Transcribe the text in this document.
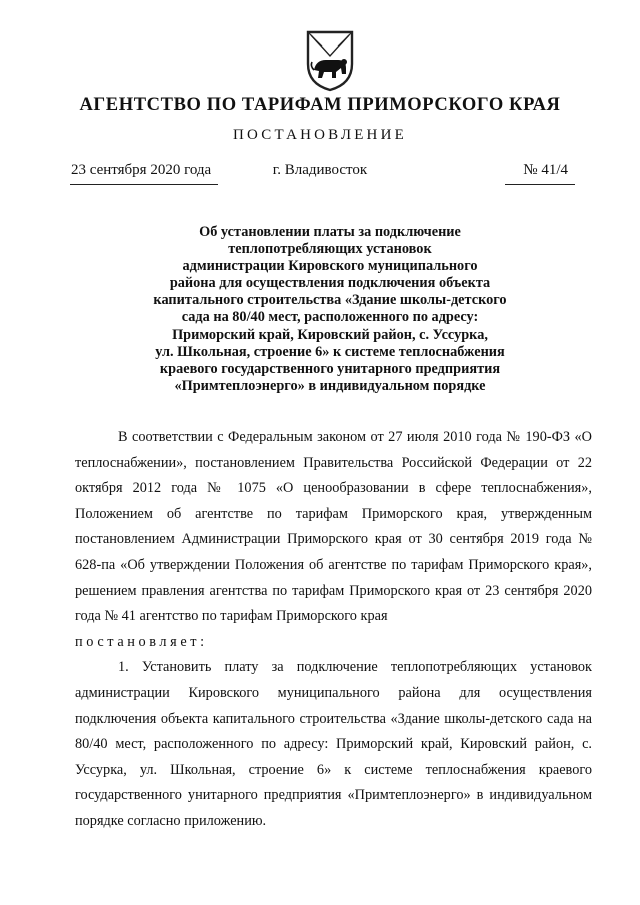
АГЕНТСТВО ПО ТАРИФАМ ПРИМОРСКОГО КРАЯ
ПОСТАНОВЛЕНИЕ
23 сентября 2020 года	г. Владивосток	№ 41/4
Об установлении платы за подключение
теплопотребляющих установок
администрации Кировского муниципального
района для осуществления подключения объекта
капитального строительства «Здание школы-детского
сада на 80/40 мест, расположенного по адресу:
Приморский край, Кировский район, с. Уссурка,
ул. Школьная, строение 6» к системе теплоснабжения
краевого государственного унитарного предприятия
«Примтеплоэнерго» в индивидуальном порядке

В соответствии с Федеральным законом от 27 июля 2010 года № 190-ФЗ «О теплоснабжении», постановлением Правительства Российской Федерации от 22 октября 2012 года № 1075 «О ценообразовании в сфере теплоснабжения», Положением об агентстве по тарифам Приморского края, утвержденным постановлением Администрации Приморского края от 30 сентября 2019 года № 628-па «Об утверждении Положения об агентстве по тарифам Приморского края», решением правления агентства по тарифам Приморского края от 23 сентября 2020 года № 41 агентство по тарифам Приморского края
постановляет:

1. Установить плату за подключение теплопотребляющих установок администрации Кировского муниципального района для осуществления подключения объекта капитального строительства «Здание школы-детского сада на 80/40 мест, расположенного по адресу: Приморский край, Кировский район, с. Уссурка, ул. Школьная, строение 6» к системе теплоснабжения краевого государственного унитарного предприятия «Примтеплоэнерго» в индивидуальном порядке согласно приложению.
